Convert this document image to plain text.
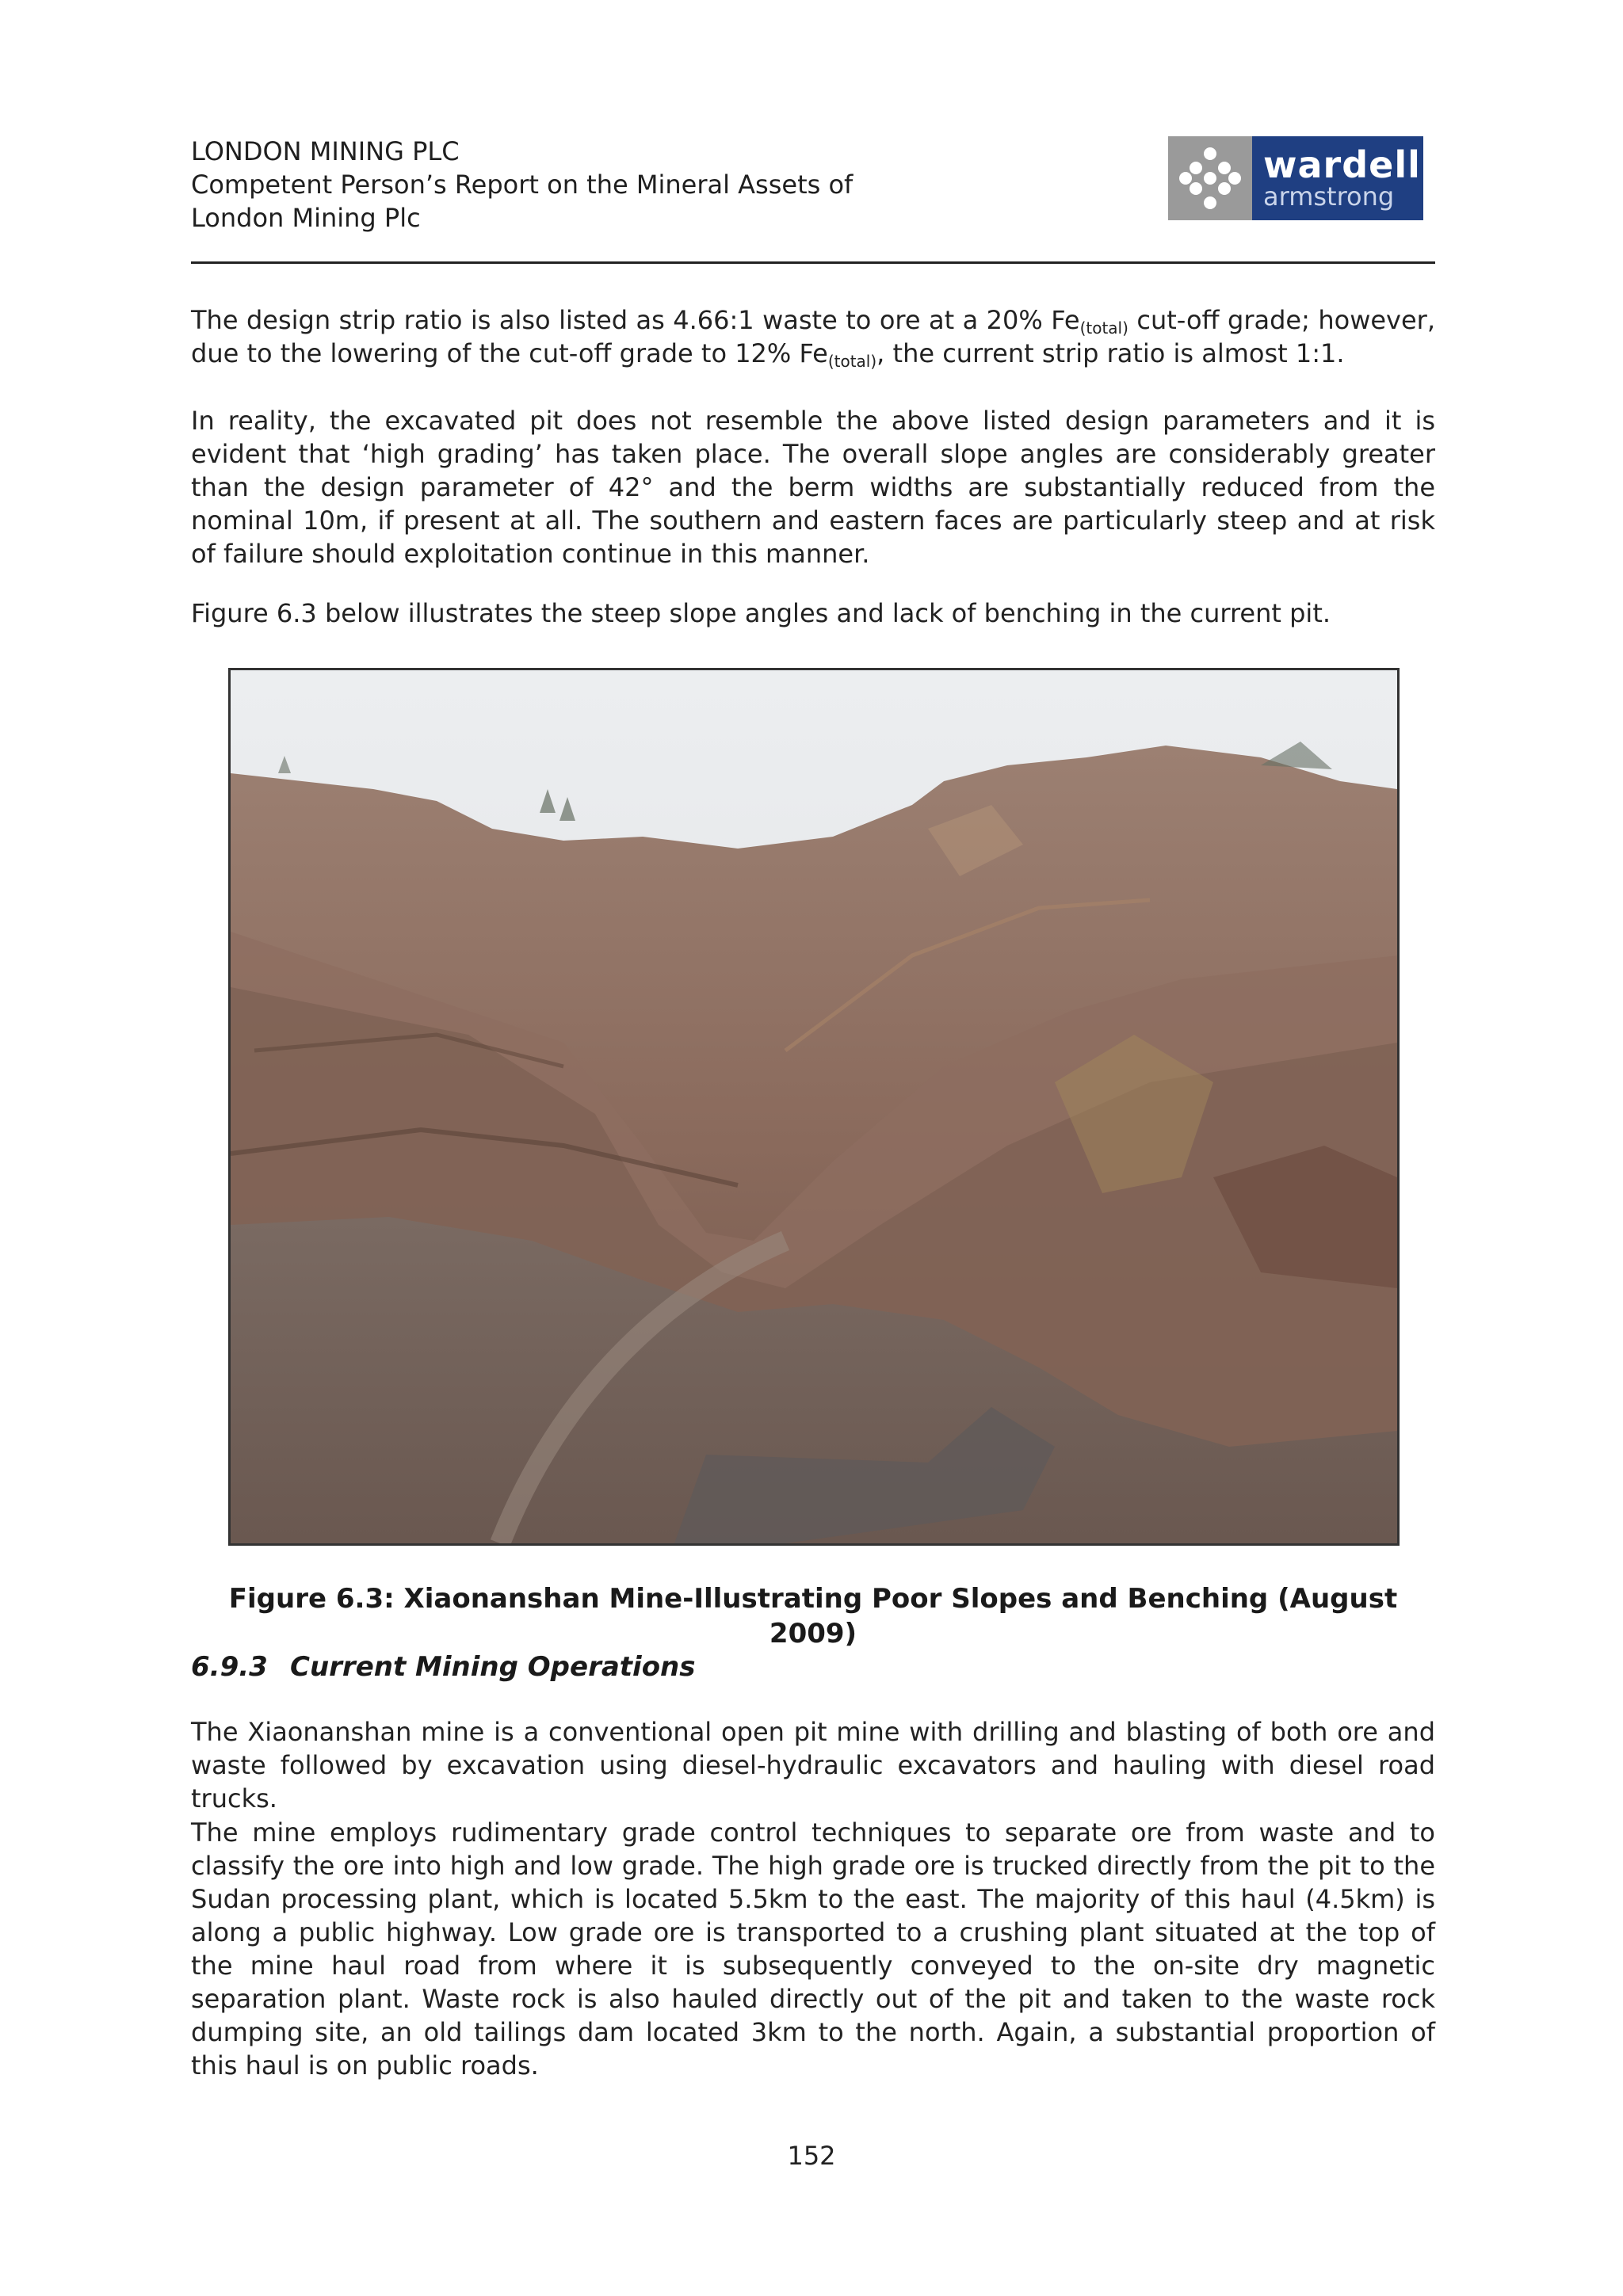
LONDON MINING PLC
Competent Person’s Report on the Mineral Assets of
London Mining Plc
wardell
armstrong
The design strip ratio is also listed as 4.66:1 waste to ore at a 20% $Fe_{(total)}$ cut-off grade; however, due to the lowering of the cut-off grade to 12% $Fe_{(total)}$, the current strip ratio is almost 1:1.
In reality, the excavated pit does not resemble the above listed design parameters and it is evident that ‘high grading’ has taken place. The overall slope angles are considerably greater than the design parameter of 42° and the berm widths are substantially reduced from the nominal 10m, if present at all. The southern and eastern faces are particularly steep and at risk of failure should exploitation continue in this manner.
Figure 6.3 below illustrates the steep slope angles and lack of benching in the current pit.
Figure 6.3: Xiaonanshan Mine-Illustrating Poor Slopes and Benching (August 2009)
6.9.3 Current Mining Operations
The Xiaonanshan mine is a conventional open pit mine with drilling and blasting of both ore and waste followed by excavation using diesel-hydraulic excavators and hauling with diesel road trucks.
The mine employs rudimentary grade control techniques to separate ore from waste and to classify the ore into high and low grade. The high grade ore is trucked directly from the pit to the Sudan processing plant, which is located 5.5km to the east. The majority of this haul (4.5km) is along a public highway. Low grade ore is transported to a crushing plant situated at the top of the mine haul road from where it is subsequently conveyed to the on-site dry magnetic separation plant. Waste rock is also hauled directly out of the pit and taken to the waste rock dumping site, an old tailings dam located 3km to the north. Again, a substantial proportion of this haul is on public roads.
152
